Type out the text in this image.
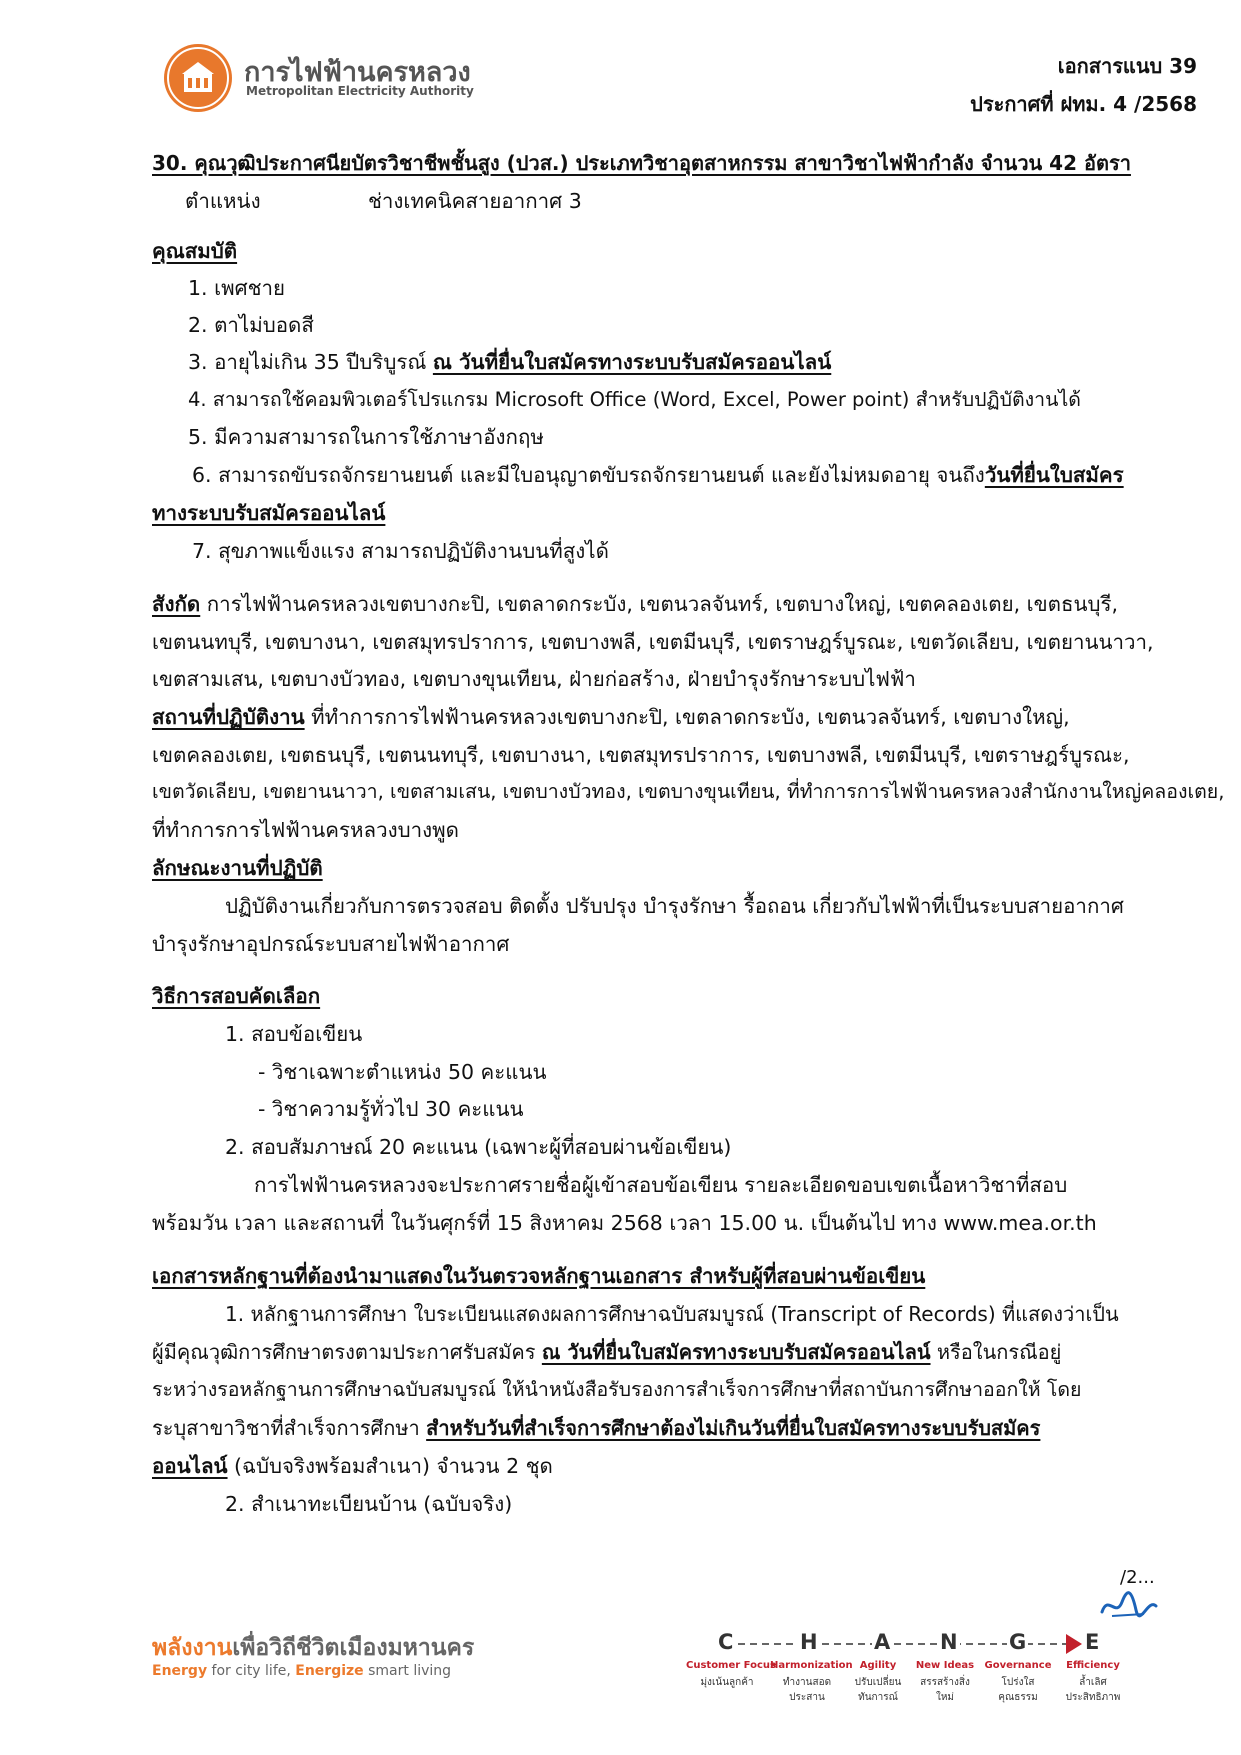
การไฟฟ้านครหลวง
Metropolitan Electricity Authority
เอกสารแนบ 39
ประกาศที่ ฝทม. 4 /2568
30. คุณวุฒิประกาศนียบัตรวิชาชีพชั้นสูง (ปวส.) ประเภทวิชาอุตสาหกรรม สาขาวิชาไฟฟ้ากำลัง จำนวน 42 อัตรา
ตำแหน่ง	ช่างเทคนิคสายอากาศ 3
คุณสมบัติ
1. เพศชาย
2. ตาไม่บอดสี
3. อายุไม่เกิน 35 ปีบริบูรณ์ ณ วันที่ยื่นใบสมัครทางระบบรับสมัครออนไลน์
4. สามารถใช้คอมพิวเตอร์โปรแกรม Microsoft Office (Word, Excel, Power point) สำหรับปฏิบัติงานได้
5. มีความสามารถในการใช้ภาษาอังกฤษ
6. สามารถขับรถจักรยานยนต์ และมีใบอนุญาตขับรถจักรยานยนต์ และยังไม่หมดอายุ จนถึงวันที่ยื่นใบสมัคร
ทางระบบรับสมัครออนไลน์
7. สุขภาพแข็งแรง สามารถปฏิบัติงานบนที่สูงได้
สังกัด การไฟฟ้านครหลวงเขตบางกะปิ, เขตลาดกระบัง, เขตนวลจันทร์, เขตบางใหญ่, เขตคลองเตย, เขตธนบุรี,
เขตนนทบุรี, เขตบางนา, เขตสมุทรปราการ, เขตบางพลี, เขตมีนบุรี, เขตราษฎร์บูรณะ, เขตวัดเลียบ, เขตยานนาวา,
เขตสามเสน, เขตบางบัวทอง, เขตบางขุนเทียน, ฝ่ายก่อสร้าง, ฝ่ายบำรุงรักษาระบบไฟฟ้า
สถานที่ปฏิบัติงาน ที่ทำการการไฟฟ้านครหลวงเขตบางกะปิ, เขตลาดกระบัง, เขตนวลจันทร์, เขตบางใหญ่,
เขตคลองเตย, เขตธนบุรี, เขตนนทบุรี, เขตบางนา, เขตสมุทรปราการ, เขตบางพลี, เขตมีนบุรี, เขตราษฎร์บูรณะ,
เขตวัดเลียบ, เขตยานนาวา, เขตสามเสน, เขตบางบัวทอง, เขตบางขุนเทียน, ที่ทำการการไฟฟ้านครหลวงสำนักงานใหญ่คลองเตย,
ที่ทำการการไฟฟ้านครหลวงบางพูด
ลักษณะงานที่ปฏิบัติ
ปฏิบัติงานเกี่ยวกับการตรวจสอบ ติดตั้ง ปรับปรุง บำรุงรักษา รื้อถอน เกี่ยวกับไฟฟ้าที่เป็นระบบสายอากาศ
บำรุงรักษาอุปกรณ์ระบบสายไฟฟ้าอากาศ
วิธีการสอบคัดเลือก
1. สอบข้อเขียน
- วิชาเฉพาะตำแหน่ง 50 คะแนน
- วิชาความรู้ทั่วไป 30 คะแนน
2. สอบสัมภาษณ์ 20 คะแนน (เฉพาะผู้ที่สอบผ่านข้อเขียน)
การไฟฟ้านครหลวงจะประกาศรายชื่อผู้เข้าสอบข้อเขียน รายละเอียดขอบเขตเนื้อหาวิชาที่สอบ
พร้อมวัน เวลา และสถานที่ ในวันศุกร์ที่ 15 สิงหาคม 2568 เวลา 15.00 น. เป็นต้นไป ทาง www.mea.or.th
เอกสารหลักฐานที่ต้องนำมาแสดงในวันตรวจหลักฐานเอกสาร สำหรับผู้ที่สอบผ่านข้อเขียน
1. หลักฐานการศึกษา ใบระเบียนแสดงผลการศึกษาฉบับสมบูรณ์ (Transcript of Records) ที่แสดงว่าเป็น
ผู้มีคุณวุฒิการศึกษาตรงตามประกาศรับสมัคร ณ วันที่ยื่นใบสมัครทางระบบรับสมัครออนไลน์ หรือในกรณีอยู่
ระหว่างรอหลักฐานการศึกษาฉบับสมบูรณ์ ให้นำหนังสือรับรองการสำเร็จการศึกษาที่สถาบันการศึกษาออกให้ โดย
ระบุสาขาวิชาที่สำเร็จการศึกษา สำหรับวันที่สำเร็จการศึกษาต้องไม่เกินวันที่ยื่นใบสมัครทางระบบรับสมัคร
ออนไลน์ (ฉบับจริงพร้อมสำเนา) จำนวน 2 ชุด
2. สำเนาทะเบียนบ้าน (ฉบับจริง)
/2...
พลังงานเพื่อวิถีชีวิตเมืองมหานคร
Energy for city life, Energize smart living
C	H	A N G	E
Customer Focus
Harmonization Agility	New Ideas	Governance	Efficiency
มุ่งเน้นลูกค้า	ทำงานสอดประสาน
ปรับเปลี่ยนทันการณ์
สรรสร้างสิ่งใหม่
โปร่งใสคุณธรรม
ล้ำเลิศประสิทธิภาพ
